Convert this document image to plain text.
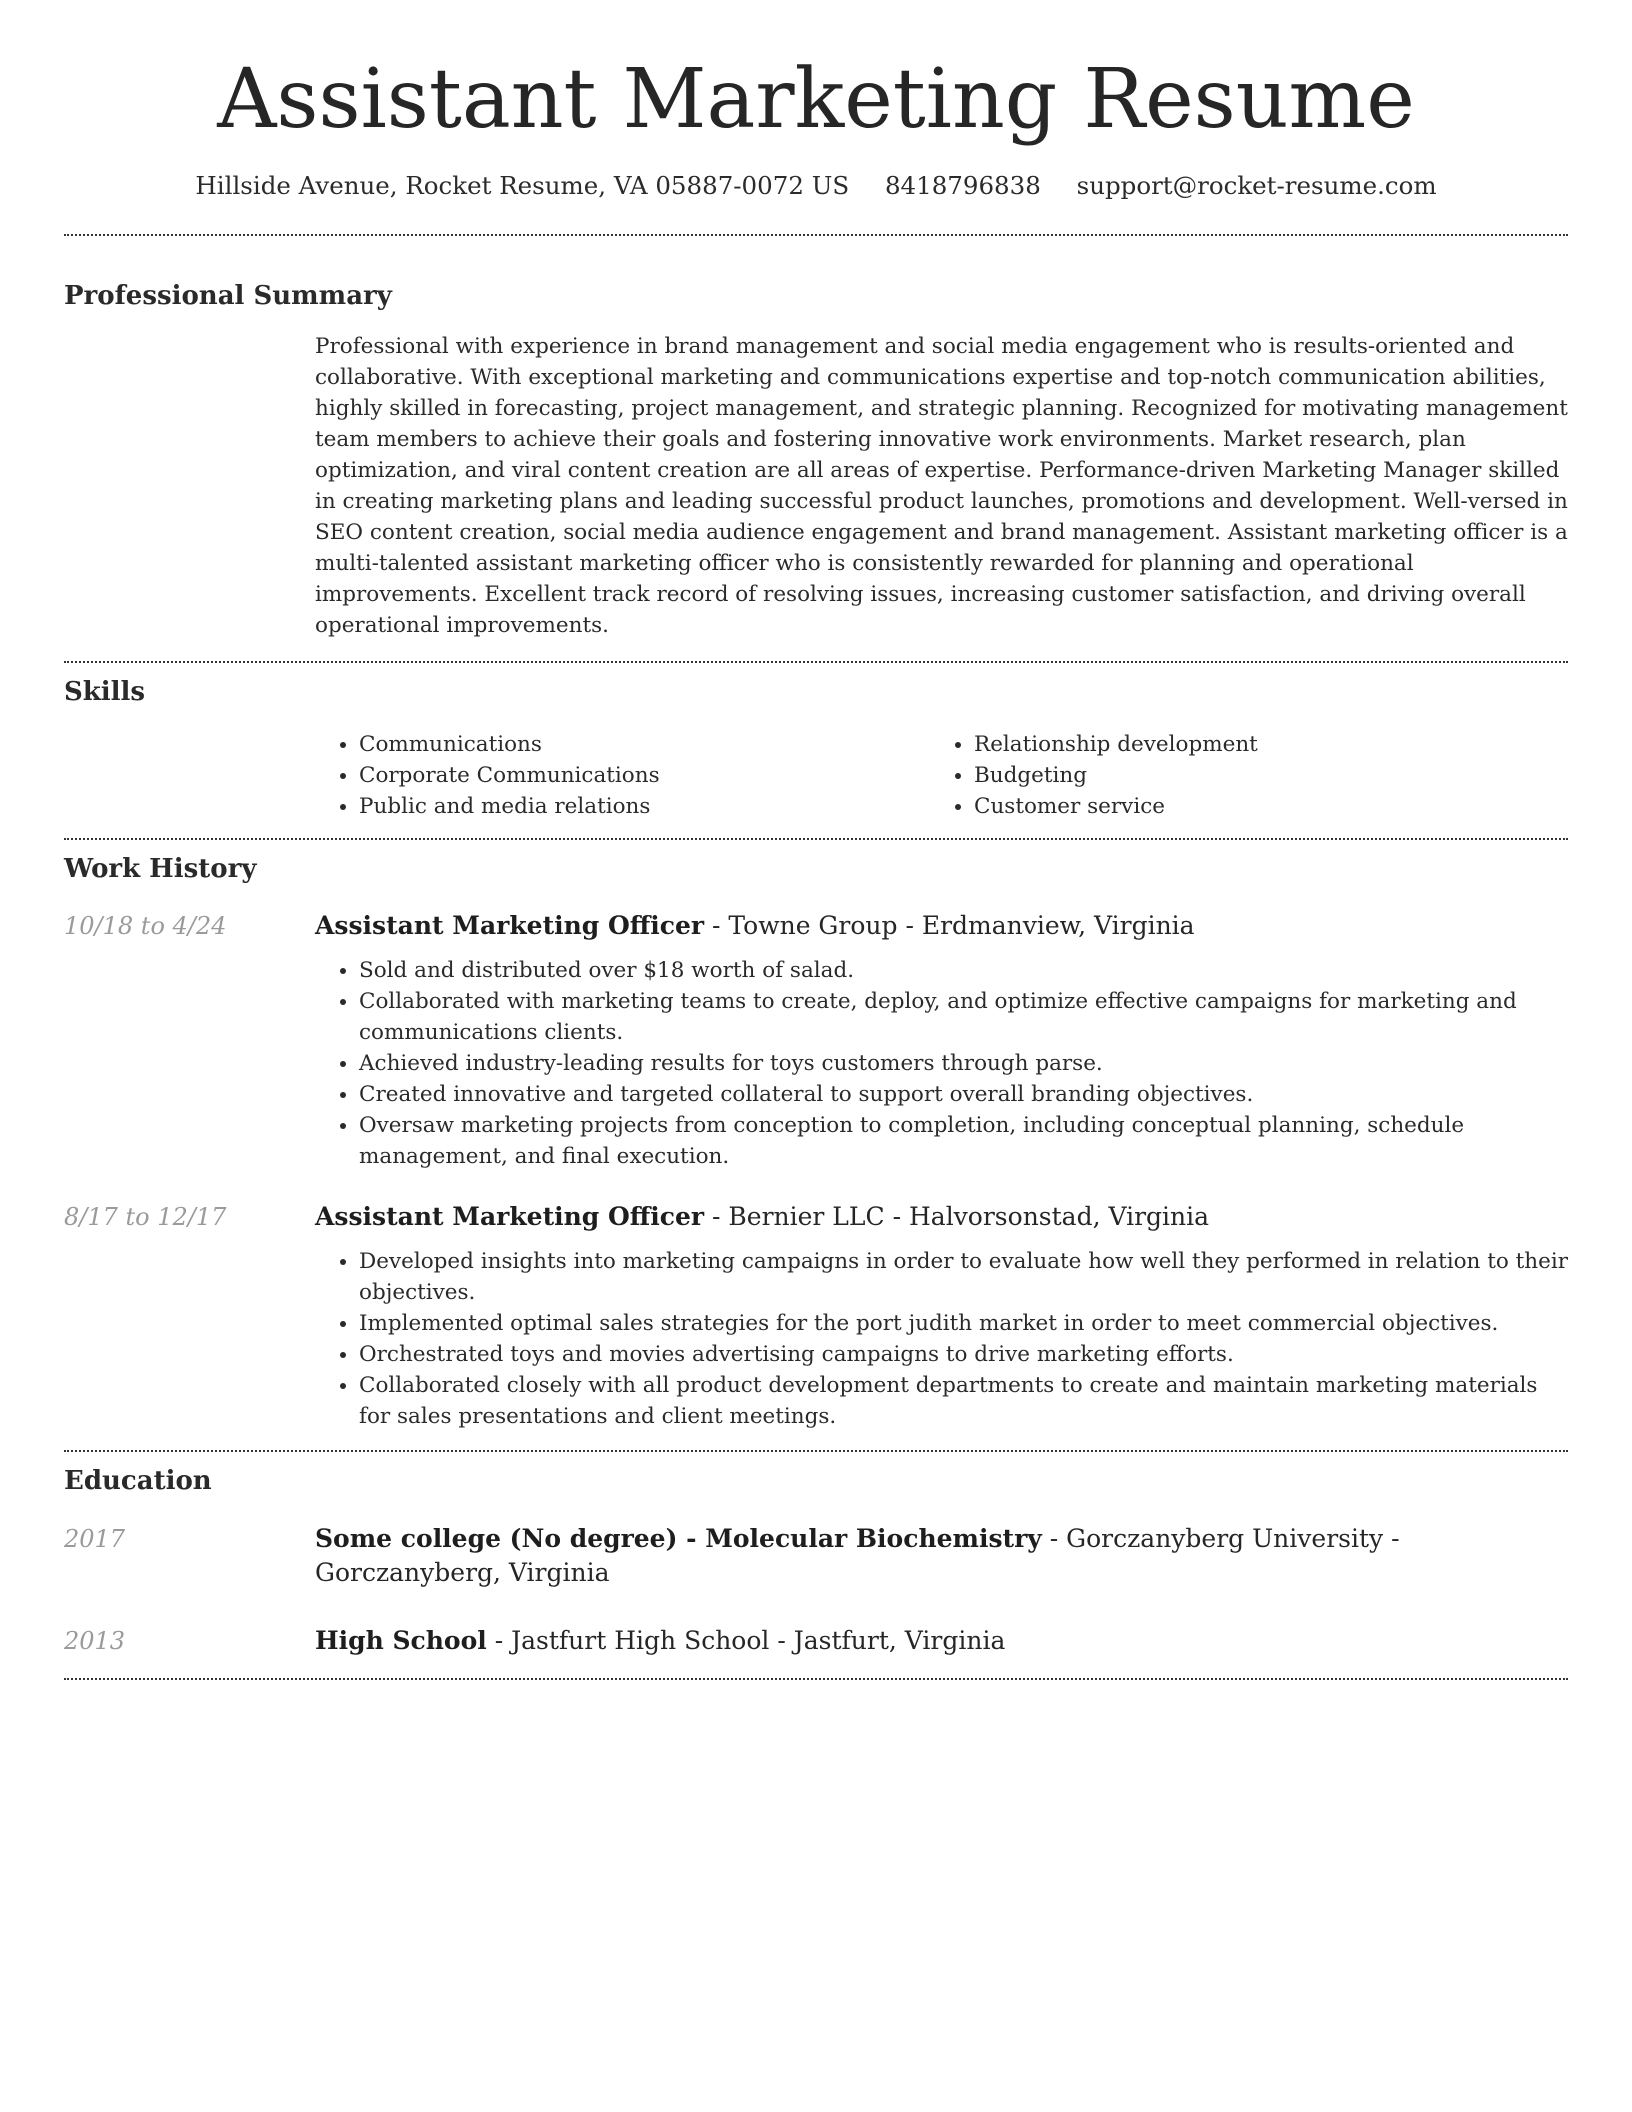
Assistant Marketing Resume
Hillside Avenue, Rocket Resume, VA 05887-0072 US 8418796838 support@rocket-resume.com
Professional Summary
Professional with experience in brand management and social media engagement who is results-oriented and collaborative. With exceptional marketing and communications expertise and top-notch communication abilities, highly skilled in forecasting, project management, and strategic planning. Recognized for motivating management team members to achieve their goals and fostering innovative work environments. Market research, plan optimization, and viral content creation are all areas of expertise. Performance-driven Marketing Manager skilled in creating marketing plans and leading successful product launches, promotions and development. Well-versed in SEO content creation, social media audience engagement and brand management. Assistant marketing officer is a multi-talented assistant marketing officer who is consistently rewarded for planning and operational improvements. Excellent track record of resolving issues, increasing customer satisfaction, and driving overall operational improvements.
Skills
• Communications
• Corporate Communications
• Public and media relations
• Relationship development
• Budgeting
• Customer service
Work History
10/18 to 4/24	Assistant Marketing Officer - Towne Group - Erdmanview, Virginia
• Sold and distributed over $18 worth of salad.
• Collaborated with marketing teams to create, deploy, and optimize effective campaigns for marketing and communications clients.
• Achieved industry-leading results for toys customers through parse.
• Created innovative and targeted collateral to support overall branding objectives.
• Oversaw marketing projects from conception to completion, including conceptual planning, schedule management, and final execution.
8/17 to 12/17	Assistant Marketing Officer - Bernier LLC - Halvorsonstad, Virginia
• Developed insights into marketing campaigns in order to evaluate how well they performed in relation to their objectives.
• Implemented optimal sales strategies for the port judith market in order to meet commercial objectives.
• Orchestrated toys and movies advertising campaigns to drive marketing efforts.
• Collaborated closely with all product development departments to create and maintain marketing materials for sales presentations and client meetings.
Education
2017	Some college (No degree) - Molecular Biochemistry - Gorczanyberg University - Gorczanyberg, Virginia
2013	High School - Jastfurt High School - Jastfurt, Virginia
